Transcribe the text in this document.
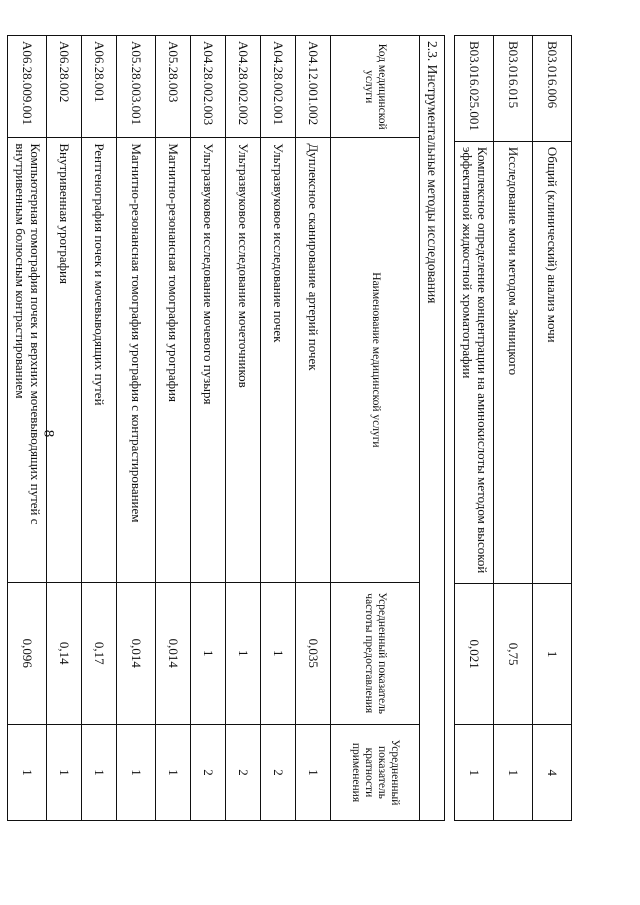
8
B03.016.006	Общий (клинический) анализ мочи	1	4
B03.016.015	Исследование мочи методом Зимницкого	0,75	1
B03.016.025.001	Комплексное определение концентрации на аминокислоты методом высокой эффективной жидкостной хроматографии	0,021	1
2.3. Инструментальные методы исследования			
Код медицинской услуги	Наименование медицинской услуги	Усредненный показатель частоты предоставления	Усредненный показатель кратности применения
A04.12.001.002	Дуплексное сканирование артерий почек	0,035	1
A04.28.002.001	Ультразвуковое исследование почек	1	2
A04.28.002.002	Ультразвуковое исследование мочеточников	1	2
A04.28.002.003	Ультразвуковое исследование мочевого пузыря	1	2
A05.28.003	Магнитно-резонансная томография урография	0,014	1
A05.28.003.001	Магнитно-резонансная томография урография с контрастированием	0,014	1
A06.28.001	Рентгенография почек и мочевыводящих путей	0,17	1
A06.28.002	Внутривенная урография	0,14	1
A06.28.009.001	Компьютерная томография почек и верхних мочевыводящих путей с внутривенным болюсным контрастированием	0,096	1
